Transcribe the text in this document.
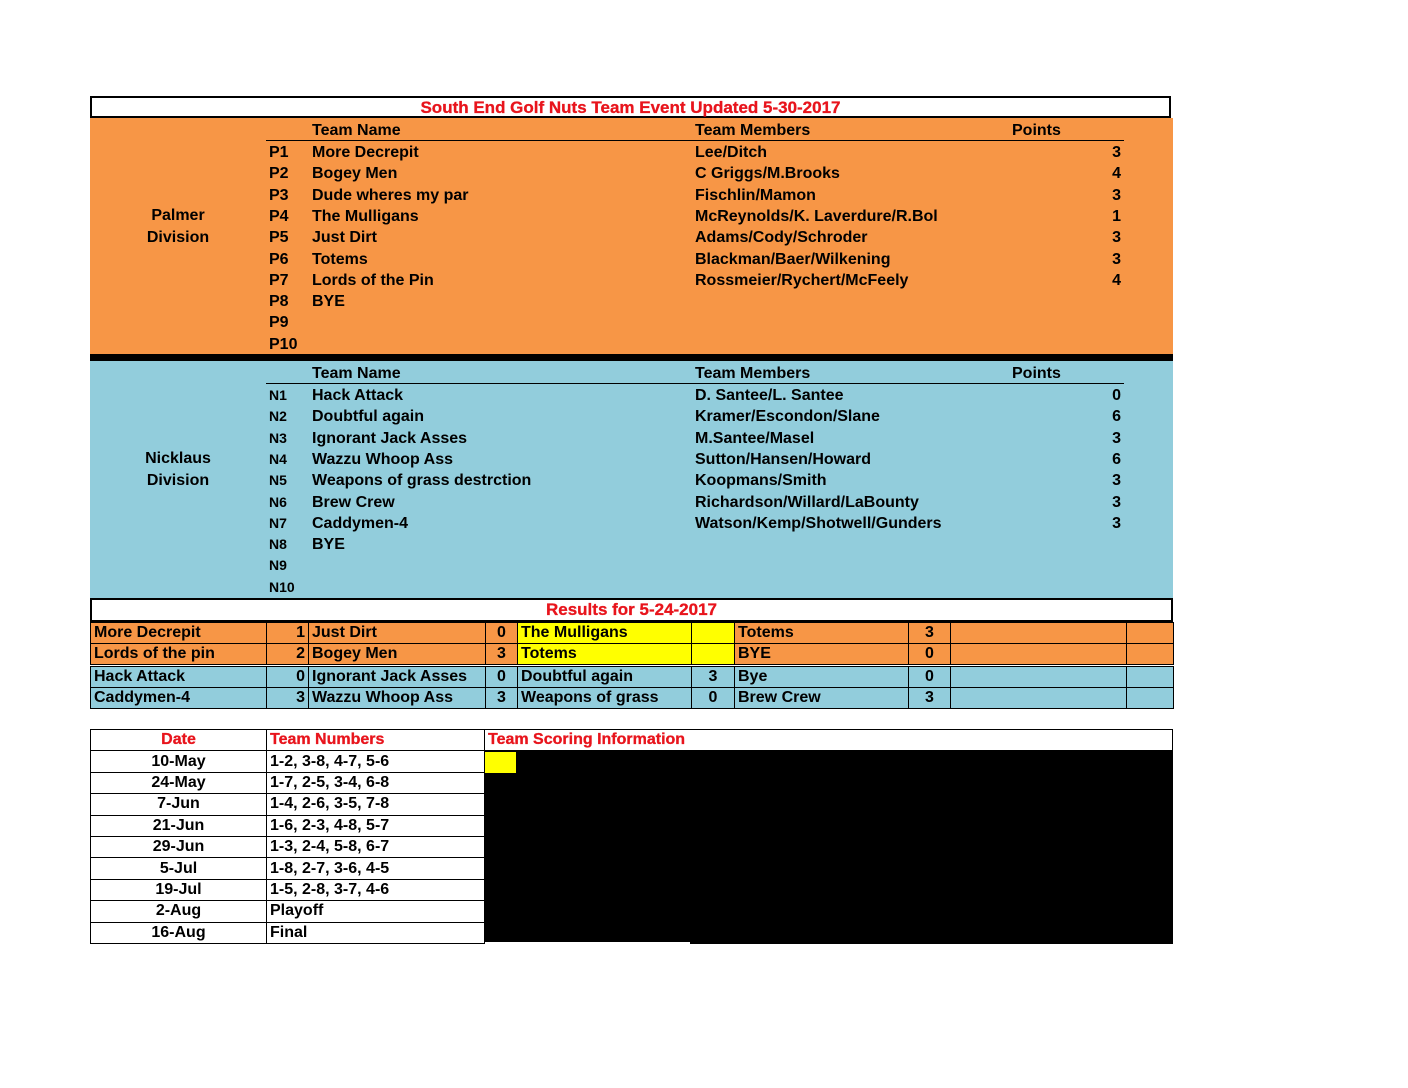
South End Golf Nuts Team Event Updated 5-30-2017
Palmer
Division
Team Name	Team Members	Points
P1 More Decrepit	Lee/Ditch	3
P2 Bogey Men	C Griggs/M.Brooks	4
P3 Dude wheres my par	Fischlin/Mamon	3
P4 The Mulligans	McReynolds/K. Laverdure/R.Bol	1
P5 Just Dirt	Adams/Cody/Schroder	3
P6 Totems	Blackman/Baer/Wilkening	3
P7 Lords of the Pin	Rossmeier/Rychert/McFeely	4
P8 BYE
P9
P10
Nicklaus
Division
Team Name	Team Members	Points
N1 Hack Attack	D. Santee/L. Santee	0
N2 Doubtful again	Kramer/Escondon/Slane	6
N3 Ignorant Jack Asses	M.Santee/Masel	3
N4 Wazzu Whoop Ass	Sutton/Hansen/Howard	6
N5 Weapons of grass destrction	Koopmans/Smith	3
N6 Brew Crew	Richardson/Willard/LaBounty	3
N7 Caddymen-4	Watson/Kemp/Shotwell/Gunders	3
N8 BYE
N9
N10
Results for 5-24-2017
More Decrepit	1	Just Dirt	0	The Mulligans		Totems	3		
Lords of the pin	2	Bogey Men	3	Totems		BYE	0		

Hack Attack	0	Ignorant Jack Asses	0	Doubtful again	3	Bye	0		
Caddymen-4	3	Wazzu Whoop Ass	3	Weapons of grass	0	Brew Crew	3		
Date	Team Numbers	Team Scoring Information
10-May	1-2, 3-8, 4-7, 5-6	
24-May	1-7, 2-5, 3-4, 6-8	
7-Jun	1-4, 2-6, 3-5, 7-8	
21-Jun	1-6, 2-3, 4-8, 5-7	
29-Jun	1-3, 2-4, 5-8, 6-7	
5-Jul	1-8, 2-7, 3-6, 4-5	
19-Jul	1-5, 2-8, 3-7, 4-6	
2-Aug	Playoff	
16-Aug	Final	
= Missing Scorecard
STANDINGS:
